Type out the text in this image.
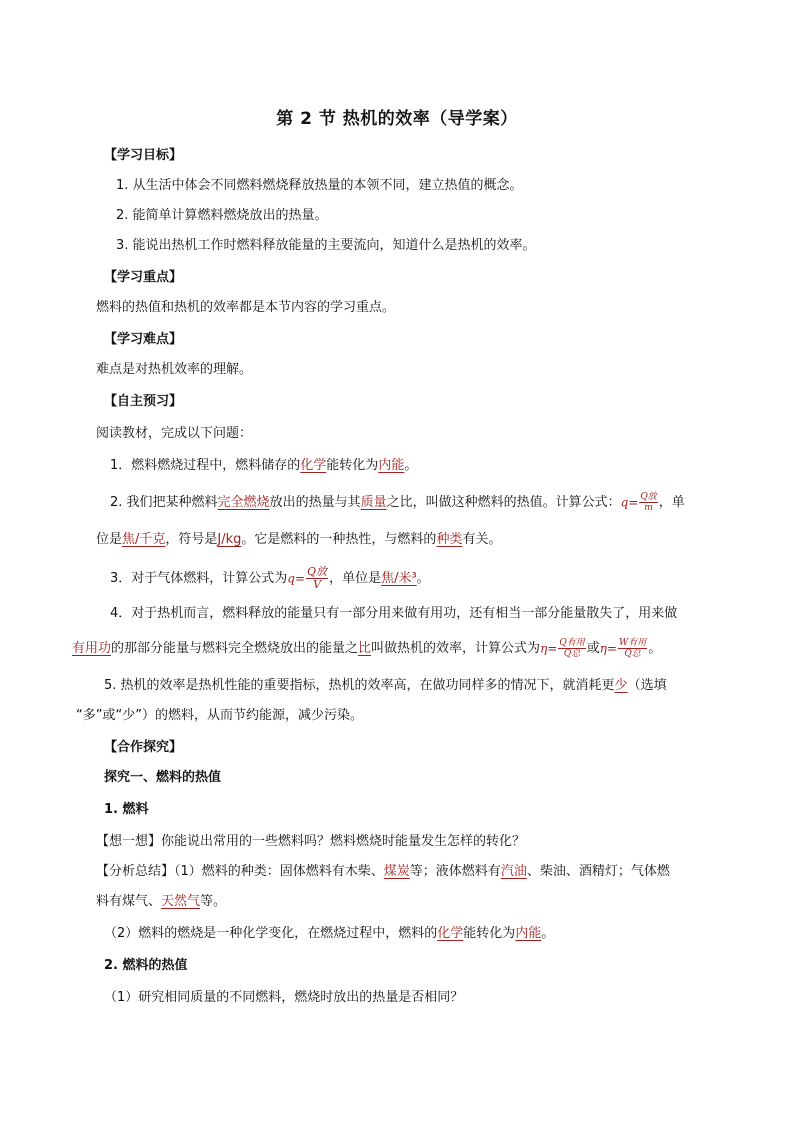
第 2 节 热机的效率（导学案）
【学习目标】
1. 从生活中体会不同燃料燃烧释放热量的本领不同，建立热值的概念。
2. 能简单计算燃料燃烧放出的热量。
3. 能说出热机工作时燃料释放能量的主要流向，知道什么是热机的效率。
【学习重点】
燃料的热值和热机的效率都是本节内容的学习重点。
【学习难点】
难点是对热机效率的理解。
【自主预习】
阅读教材，完成以下问题：
1．燃料燃烧过程中，燃料储存的化学能转化为内能。
2. 我们把某种燃料完全燃烧放出的热量与其质量之比，叫做这种燃料的热值。计算公式：$q= \frac{\text{Q放}}{m}$ ，单
位是焦/千克，符号是J/kg。它是燃料的一种热性，与燃料的种类有关。
3．对于气体燃料，计算公式为$q= \frac{\text{Q放}}{V}$ ，单位是焦/米³。
4．对于热机而言，燃料释放的能量只有一部分用来做有用功，还有相当一部分能量散失了，用来做
有用功的那部分能量与燃料完全燃烧放出的能量之比叫做热机的效率，计算公式为$\eta= \frac{\text{Q有用}}{\text{Q总}}$ 或$\eta= \frac{\text{W有用}}{\text{Q总}}$ 。
5. 热机的效率是热机性能的重要指标，热机的效率高，在做功同样多的情况下，就消耗更少（选填
“多”或“少”）的燃料，从而节约能源，减少污染。
【合作探究】
探究一、燃料的热值
1. 燃料
【想一想】你能说出常用的一些燃料吗？燃料燃烧时能量发生怎样的转化？
【分析总结】（1）燃料的种类：固体燃料有木柴、煤炭等；液体燃料有汽油、柴油、酒精灯；气体燃
料有煤气、天然气等。
（2）燃料的燃烧是一种化学变化，在燃烧过程中，燃料的化学能转化为内能。
2. 燃料的热值
（1）研究相同质量的不同燃料，燃烧时放出的热量是否相同？
